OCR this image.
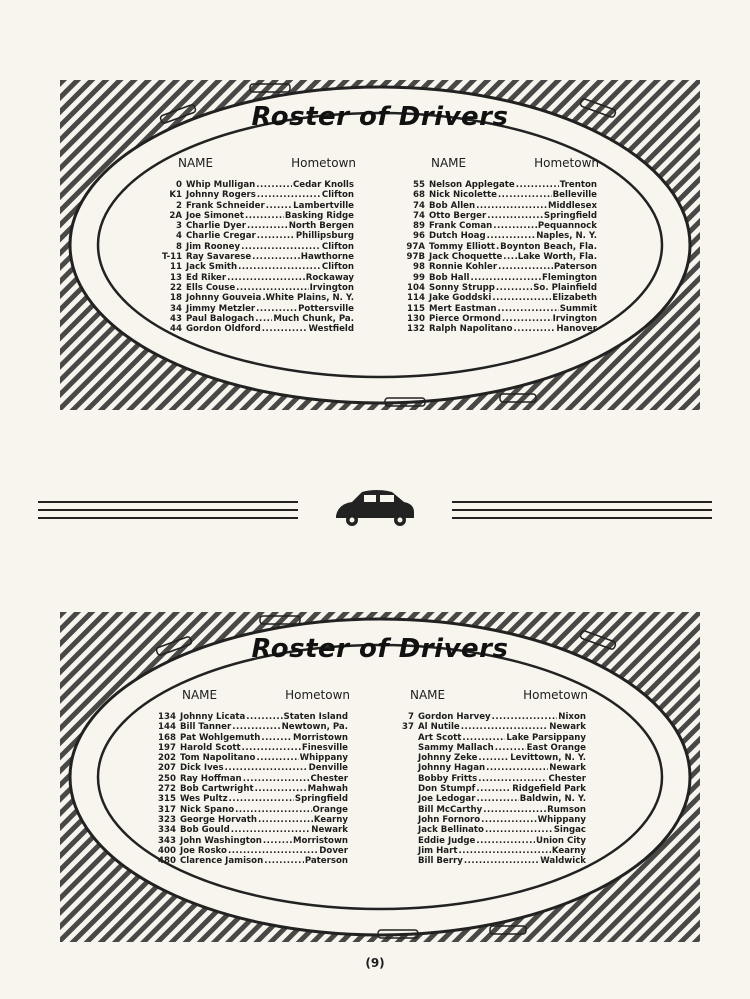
Roster of Drivers
NAME	Hometown
0 Whip Mulligan .....	Cedar Knolls
K1 Johnny Rogers .....	Clifton
2 Frank Schneider .....	Lambertville
2A Joe Simonet .....	Basking Ridge
3 Charlie Dyer .....	North Bergen
4 Charlie Cregar .....	Phillipsburg
8 Jim Rooney .....	Clifton
T-11 Ray Savarese .....	Hawthorne
11 Jack Smith .....	Clifton
13 Ed Riker .....	Rockaway
22 Ells Couse .....	Irvington
18 Johnny Gouveia ..... White Plains, N. Y.
34 Jimmy Metzler .....	Pottersville
43 Paul Balogach ..... Much Chunk, Pa.
44 Gordon Oldford .....	Westfield
NAME	Hometown
55 Nelson Applegate .....	Trenton
68 Nick Nicolette .....	Belleville
74 Bob Allen .....	Middlesex
74 Otto Berger .....	Springfield
89 Frank Coman .....	Pequannock
96 Dutch Hoag .....	Naples, N. Y.
97A Tommy Elliott ..... Boynton Beach, Fla.
97B Jack Choquette ..... Lake Worth, Fla.
98 Ronnie Kohler .....	Paterson
99 Bob Hall .....	Flemington
104 Sonny Strupp .....	So. Plainfield
114 Jake Goddski .....	Elizabeth
115 Mert Eastman .....	Summit
130 Pierce Ormond .....	Irvington
132 Ralph Napolitano .....	Hanover
Roster of Drivers
NAME	Hometown
134 Johnny Licata .....	Staten Island
144 Bill Tanner .....	Newtown, Pa.
168 Pat Wohlgemuth .....	Morristown
197 Harold Scott .....	Finesville
202 Tom Napolitano .....	Whippany
207 Dick Ives .....	Denville
250 Ray Hoffman .....	Chester
272 Bob Cartwright .....	Mahwah
315 Wes Pultz .....	Springfield
317 Nick Spano .....	Orange
323 George Horvath .....	Kearny
334 Bob Gould .....	Newark
343 John Washington .....	Morristown
400 Joe Rosko .....	Dover
480 Clarence Jamison .....	Paterson
NAME	Hometown
7 Gordon Harvey .....	Nixon
37 Al Nutile .....	Newark
Art Scott .....	Lake Parsippany
Sammy Mallach .....	East Orange
Johnny Zeke .....	Levittown, N. Y.
Johnny Hagan .....	Newark
Bobby Fritts .....	Chester
Don Stumpf .....	Ridgefield Park
Joe Ledogar .....	Baldwin, N. Y.
Bill McCarthy .....	Rumson
John Fornoro .....	Whippany
Jack Bellinato .....	Singac
Eddie Judge .....	Union City
Jim Hart .....	Kearny
Bill Berry .....	Waldwick
(9)
